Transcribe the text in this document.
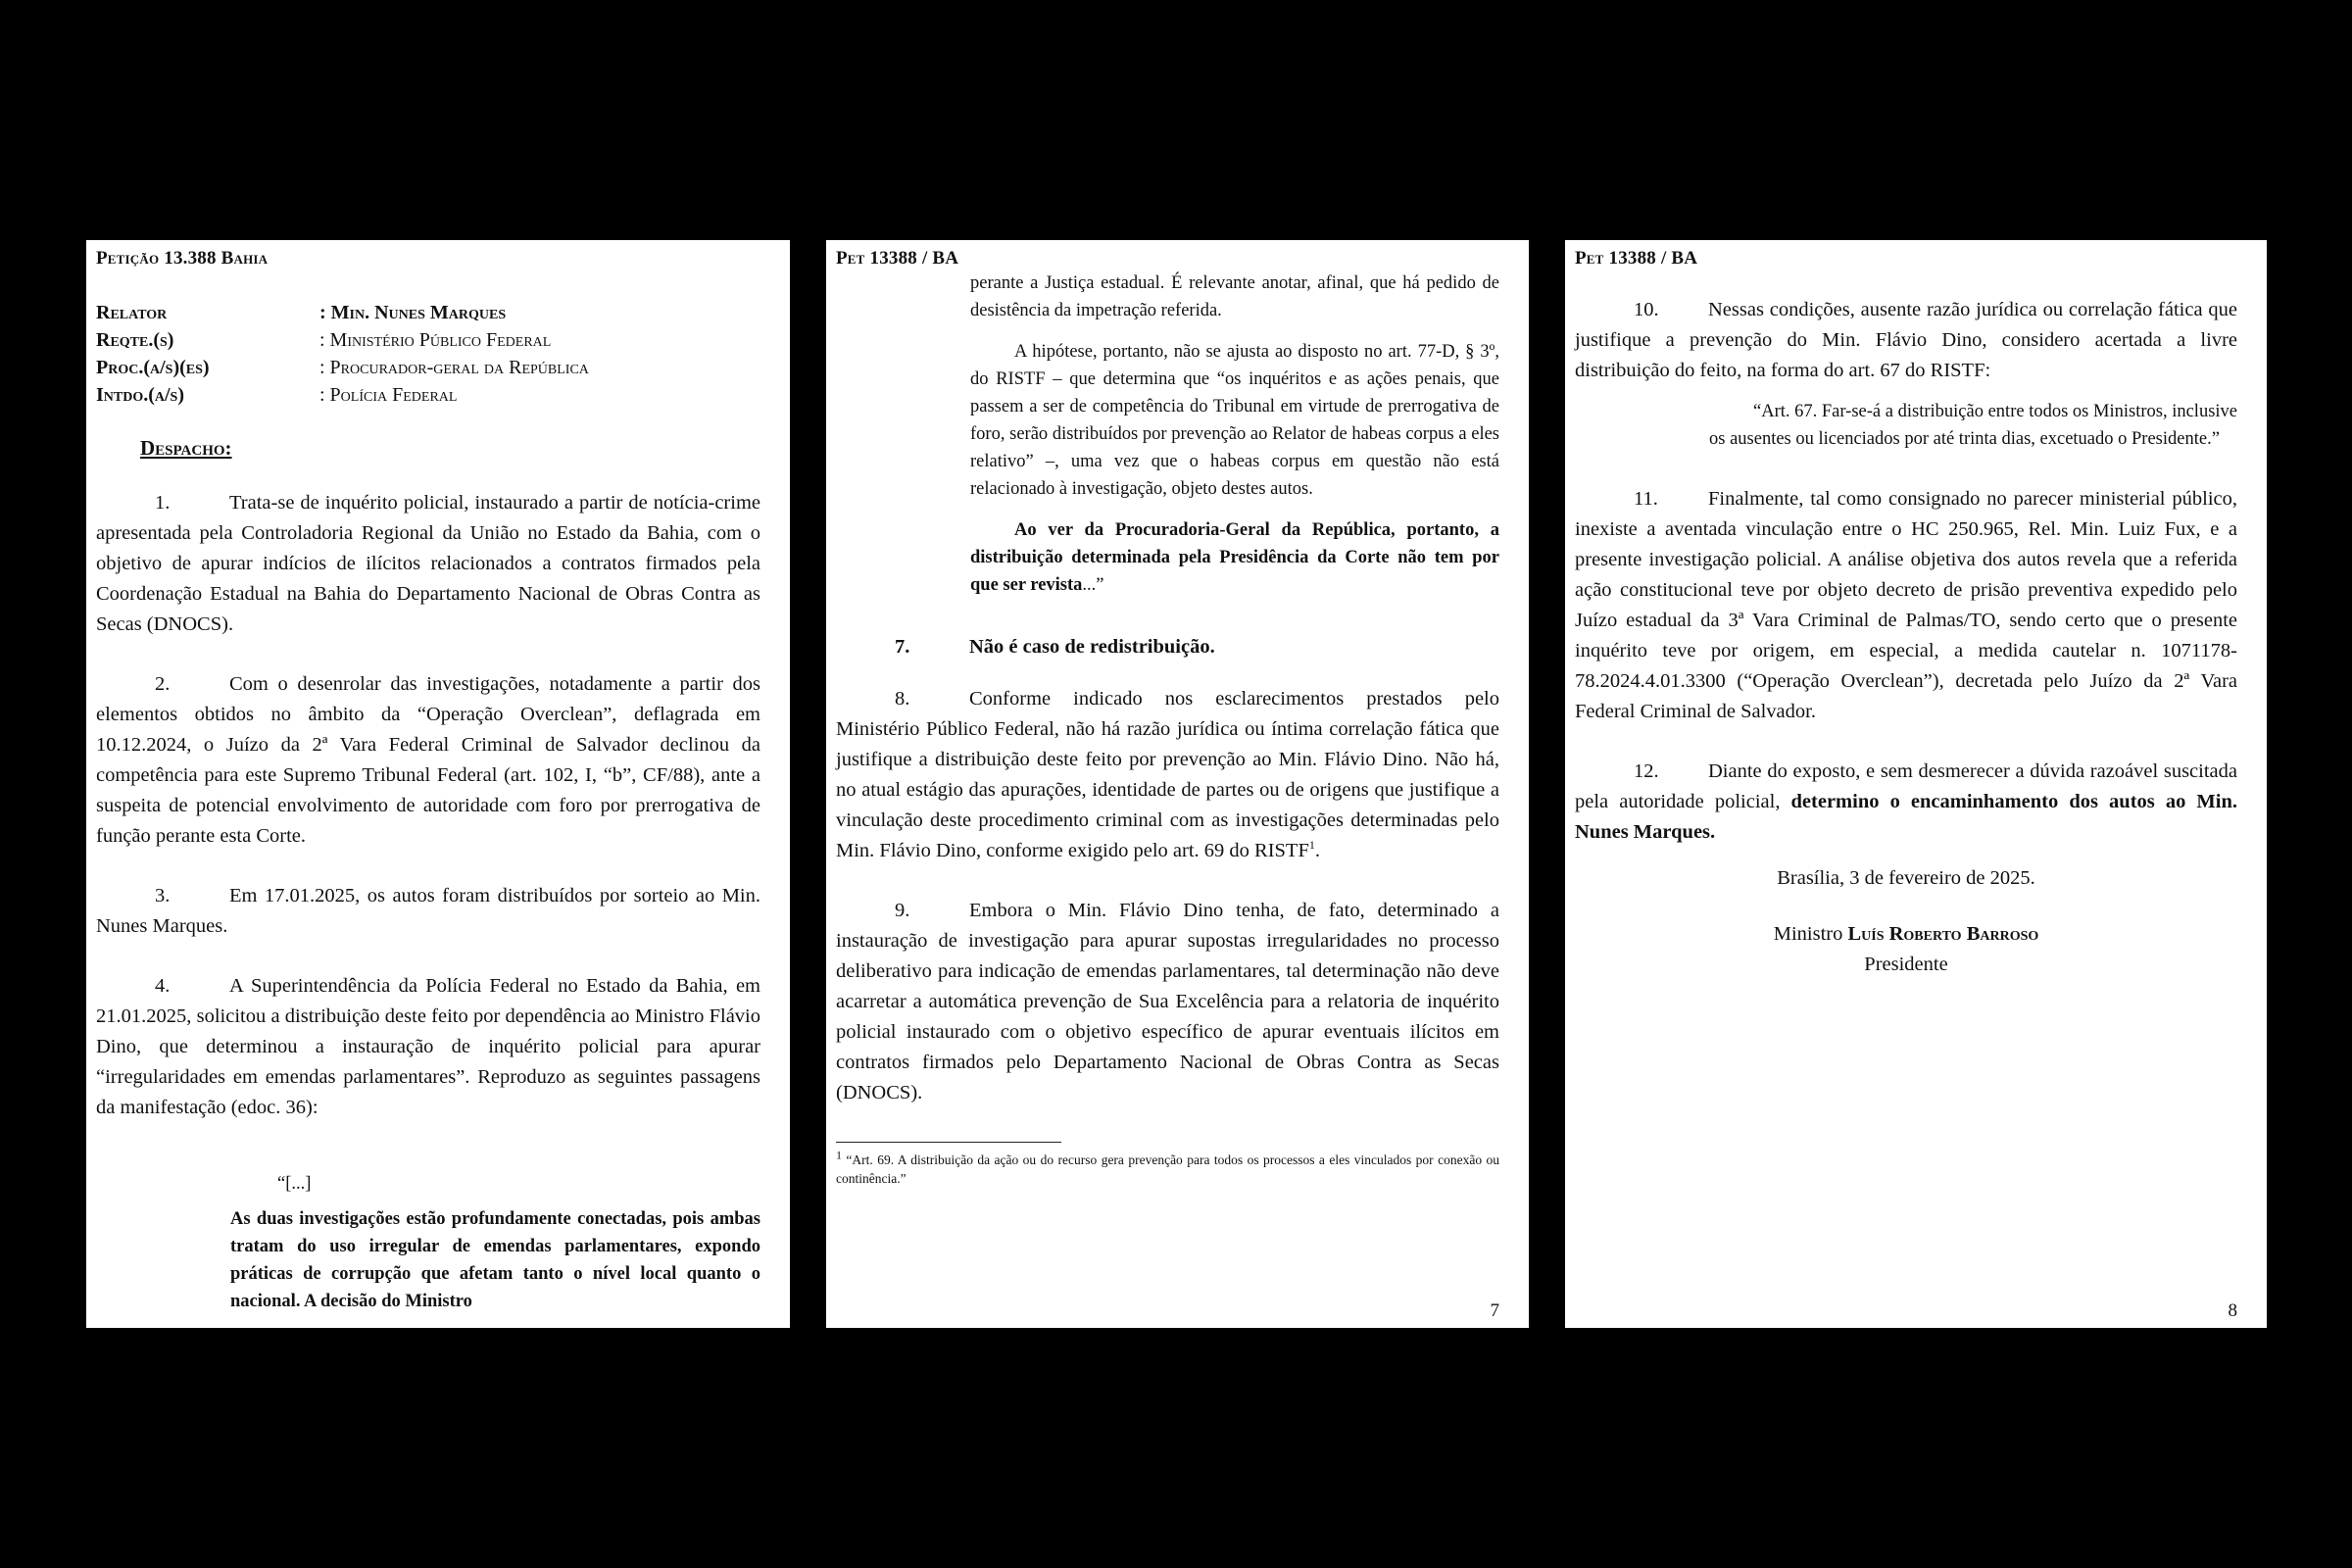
Petição 13.388 Bahia
Relator	: Min. Nunes Marques
Reqte.(s)	: Ministério Público Federal
Proc.(a/s)(es)	: Procurador-geral da República
Intdo.(a/s)	: Polícia Federal
Despacho:

1.	Trata-se de inquérito policial, instaurado a partir de notícia-crime apresentada pela Controladoria Regional da União no Estado da Bahia, com o objetivo de apurar indícios de ilícitos relacionados a contratos firmados pela Coordenação Estadual na Bahia do Departamento Nacional de Obras Contra as Secas (DNOCS).

2.	Com o desenrolar das investigações, notadamente a partir dos elementos obtidos no âmbito da “Operação Overclean”, deflagrada em 10.12.2024, o Juízo da 2ª Vara Federal Criminal de Salvador declinou da competência para este Supremo Tribunal Federal (art. 102, I, “b”, CF/88), ante a suspeita de potencial envolvimento de autoridade com foro por prerrogativa de função perante esta Corte.

3.	Em 17.01.2025, os autos foram distribuídos por sorteio ao Min. Nunes Marques.

4.	A Superintendência da Polícia Federal no Estado da Bahia, em 21.01.2025, solicitou a distribuição deste feito por dependência ao Ministro Flávio Dino, que determinou a instauração de inquérito policial para apurar “irregularidades em emendas parlamentares”. Reproduzo as seguintes passagens da manifestação (edoc. 36):

“[...]

As duas investigações estão profundamente conectadas, pois ambas tratam do uso irregular de emendas parlamentares, expondo práticas de corrupção que afetam tanto o nível local quanto o nacional. A decisão do Ministro

Pet 13388 / BA

perante a Justiça estadual. É relevante anotar, afinal, que há pedido de desistência da impetração referida.

A hipótese, portanto, não se ajusta ao disposto no art. 77-D, § 3º, do RISTF – que determina que “os inquéritos e as ações penais, que passem a ser de competência do Tribunal em virtude de prerrogativa de foro, serão distribuídos por prevenção ao Relator de habeas corpus a eles relativo” –, uma vez que o habeas corpus em questão não está relacionado à investigação, objeto destes autos.

Ao ver da Procuradoria-Geral da República, portanto, a distribuição determinada pela Presidência da Corte não tem por que ser revista...”

7.	Não é caso de redistribuição.

8.	Conforme indicado nos esclarecimentos prestados pelo Ministério Público Federal, não há razão jurídica ou íntima correlação fática que justifique a distribuição deste feito por prevenção ao Min. Flávio Dino. Não há, no atual estágio das apurações, identidade de partes ou de origens que justifique a vinculação deste procedimento criminal com as investigações determinadas pelo Min. Flávio Dino, conforme exigido pelo art. 69 do RISTF$^1$.

9.	Embora o Min. Flávio Dino tenha, de fato, determinado a instauração de investigação para apurar supostas irregularidades no processo deliberativo para indicação de emendas parlamentares, tal determinação não deve acarretar a automática prevenção de Sua Excelência para a relatoria de inquérito policial instaurado com o objetivo específico de apurar eventuais ilícitos em contratos firmados pelo Departamento Nacional de Obras Contra as Secas (DNOCS).

$^1$ “Art. 69. A distribuição da ação ou do recurso gera prevenção para todos os processos a eles vinculados por conexão ou continência.”

7
Pet 13388 / BA

10. Nessas condições, ausente razão jurídica ou correlação fática que justifique a prevenção do Min. Flávio Dino, considero acertada a livre distribuição do feito, na forma do art. 67 do RISTF:

“Art. 67. Far-se-á a distribuição entre todos os Ministros, inclusive os ausentes ou licenciados por até trinta dias, excetuado o Presidente.”

11. Finalmente, tal como consignado no parecer ministerial público, inexiste a aventada vinculação entre o HC 250.965, Rel. Min. Luiz Fux, e a presente investigação policial. A análise objetiva dos autos revela que a referida ação constitucional teve por objeto decreto de prisão preventiva expedido pelo Juízo estadual da 3ª Vara Criminal de Palmas/TO, sendo certo que o presente inquérito teve por origem, em especial, a medida cautelar n. 1071178-78.2024.4.01.3300 (“Operação Overclean”), decretada pelo Juízo da 2ª Vara Federal Criminal de Salvador.

12. Diante do exposto, e sem desmerecer a dúvida razoável suscitada pela autoridade policial, determino o encaminhamento dos autos ao Min. Nunes Marques.

Brasília, 3 de fevereiro de 2025.

Ministro Luís Roberto Barroso

Presidente

8
